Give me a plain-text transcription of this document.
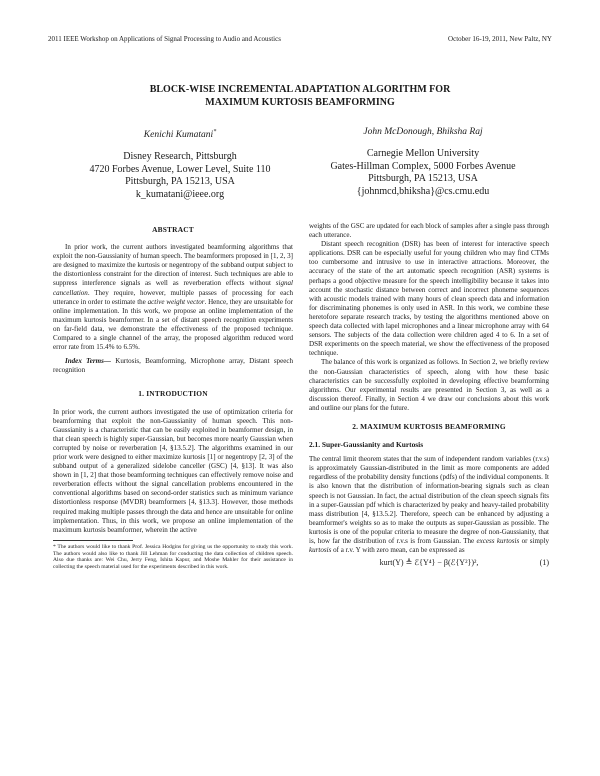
2011 IEEE Workshop on Applications of Signal Processing to Audio and Acoustics	October 16-19, 2011, New Paltz, NY
BLOCK-WISE INCREMENTAL ADAPTATION ALGORITHM FOR
MAXIMUM KURTOSIS BEAMFORMING
Kenichi Kumatani*
Disney Research, Pittsburgh
4720 Forbes Avenue, Lower Level, Suite 110
Pittsburgh, PA 15213, USA
k_kumatani@ieee.org
John McDonough, Bhiksha Raj
Carnegie Mellon University
Gates-Hillman Complex, 5000 Forbes Avenue
Pittsburgh, PA 15213, USA
{johnmcd,bhiksha}@cs.cmu.edu
ABSTRACT

In prior work, the current authors investigated beamforming algorithms that exploit the non-Gaussianity of human speech. The beamformers proposed in [1, 2, 3] are designed to maximize the kurtosis or negentropy of the subband output subject to the distortionless constraint for the direction of interest. Such techniques are able to suppress interference signals as well as reverberation effects without signal cancellation. They require, however, multiple passes of processing for each utterance in order to estimate the active weight vector. Hence, they are unsuitable for online implementation. In this work, we propose an online implementation of the maximum kurtosis beamformer. In a set of distant speech recognition experiments on far-field data, we demonstrate the effectiveness of the proposed technique. Compared to a single channel of the array, the proposed algorithm reduced word error rate from 15.4% to 6.5%.

Index Terms— Kurtosis, Beamforming, Microphone array, Distant speech recognition

1. INTRODUCTION

In prior work, the current authors investigated the use of optimization criteria for beamforming that exploit the non-Gaussianity of human speech. This non-Gaussianity is a characteristic that can be easily exploited in beamformer design, in that clean speech is highly super-Gaussian, but becomes more nearly Gaussian when corrupted by noise or reverberation [4, §13.5.2]. The algorithms examined in our prior work were designed to either maximize kurtosis [1] or negentropy [2, 3] of the subband output of a generalized sidelobe canceller (GSC) [4, §13]. It was also shown in [1, 2] that those beamforming techniques can effectively remove noise and reverberation effects without the signal cancellation problems encountered in the conventional algorithms based on second-order statistics such as minimum variance distortionless response (MVDR) beamformers [4, §13.3]. However, those methods required making multiple passes through the data and hence are unsuitable for online implementation. Thus, in this work, we propose an online implementation of the maximum kurtosis beamformer, wherein the active

* The authors would like to thank Prof. Jessica Hodgins for giving us the opportunity to study this work. The authors would also like to thank Jill Lehman for conducting the data collection of children speech. Also due thanks are: Wei Chu, Jerry Feng, Ishita Kapur, and Moshe Mahler for their assistance in collecting the speech material used for the experiments described in this work.

weights of the GSC are updated for each block of samples after a single pass through each utterance.

Distant speech recognition (DSR) has been of interest for interactive speech applications. DSR can be especially useful for young children who may find CTMs too cumbersome and intrusive to use in interactive attractions. Moreover, the accuracy of the state of the art automatic speech recognition (ASR) systems is perhaps a good objective measure for the speech intelligibility because it takes into account the stochastic distance between correct and incorrect phoneme sequences with acoustic models trained with many hours of clean speech data and information for discriminating phonemes is only used in ASR. In this work, we combine these heretofore separate research tracks, by testing the algorithms mentioned above on speech data collected with lapel microphones and a linear microphone array with 64 sensors. The subjects of the data collection were children aged 4 to 6. In a set of DSR experiments on the speech material, we show the effectiveness of the proposed technique.

The balance of this work is organized as follows. In Section 2, we briefly review the non-Gaussian characteristics of speech, along with how these basic characteristics can be successfully exploited in developing effective beamforming algorithms. Our experimental results are presented in Section 3, as well as a discussion thereof. Finally, in Section 4 we draw our conclusions about this work and outline our plans for the future.

2. MAXIMUM KURTOSIS BEAMFORMING
2.1. Super-Gaussianity and Kurtosis

The central limit theorem states that the sum of independent random variables (r.v.s) is approximately Gaussian-distributed in the limit as more components are added regardless of the probability density functions (pdfs) of the individual components. It is also known that the distribution of information-bearing signals such as clean speech is not Gaussian. In fact, the actual distribution of the clean speech signals fits in a super-Gaussian pdf which is characterized by peaky and heavy-tailed probability mass distribution [4, §13.5.2]. Therefore, speech can be enhanced by adjusting a beamformer's weights so as to make the outputs as super-Gaussian as possible. The kurtosis is one of the popular criteria to measure the degree of non-Gaussianity, that is, how far the distribution of r.v.s is from Gaussian. The excess kurtosis or simply kurtosis of a r.v. Y with zero mean, can be expressed as

kurt(Y) ≜ ℰ{Y⁴} − β(ℰ{Y²})²,	(1)
